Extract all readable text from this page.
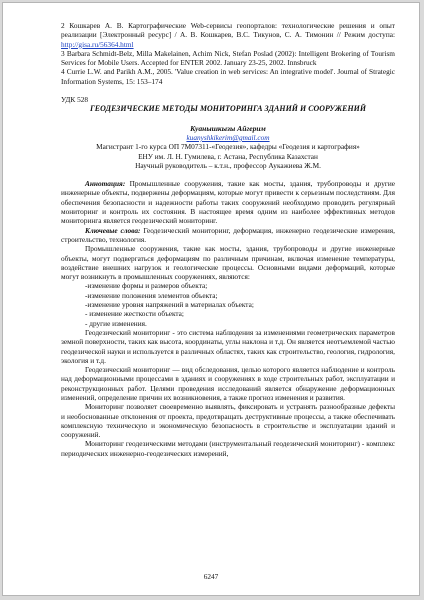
2 Кошкарев А. В. Картографические Web-сервисы геопорталов: технологические решения и опыт реализации [Электронный ресурс] / А. В. Кошкарев, В.С. Тикунов, С. А. Тимонин // Режим доступа: http://gisa.ru/56364.html

3 Barbara Schmidt-Belz, Milla Makelainen, Achim Nick, Stefan Poslad (2002): Intelligent Brokering of Tourism Services for Mobile Users. Accepted for ENTER 2002. January 23-25, 2002. Innsbruck

4 Currie L.W. and Parikh A.M., 2005. 'Value creation in web services: An integrative model'. Journal of Strategic Information Systems, 15: 153–174

УДК 528
ГЕОДЕЗИЧЕСКИЕ МЕТОДЫ МОНИТОРИНГА ЗДАНИЙ И СООРУЖЕНИЙ
Куанышкызы Айгерим
kuanyshkikerim@gmail.com

Магистрант 1-го курса ОП 7М07311-«Геодезия», кафедры «Геодезия и картография»

ЕНУ им. Л. Н. Гумилева, г. Астана, Республика Казахстан

Научный руководитель – к.т.н., профессор Аукажиева Ж.М.

Аннотация: Промышленные сооружения, такие как мосты, здания, трубопроводы и другие инженерные объекты, подвержены деформациям, которые могут привести к серьезным последствиям. Для обеспечения безопасности и надежности работы таких сооружений необходимо проводить регулярный мониторинг и контроль их состояния. В настоящее время одним из наиболее эффективных методов мониторинга является геодезический мониторинг.

Ключевые слова: Геодезический мониторинг, деформация, инженерно геодезические измерения, строительство, технология.

Промышленные сооружения, такие как мосты, здания, трубопроводы и другие инженерные объекты, могут подвергаться деформациям по различным причинам, включая изменение температуры, воздействие внешних нагрузок и геологические процессы. Основными видами деформаций, которые могут возникнуть в промышленных сооружениях, являются:

-изменение формы и размеров объекта;

-изменение положения элементов объекта;

-изменение уровня напряжений в материалах объекта;

- изменение жесткости объекта;

- другие изменения.

Геодезический мониторинг - это система наблюдения за изменениями геометрических параметров земной поверхности, таких как высота, координаты, углы наклона и т.д. Он является неотъемлемой частью геодезической науки и используется в различных областях, таких как строительство, геология, гидрология, экология и т.д.

Геодезический мониторинг — вид обследования, целью которого является наблюдение и контроль над деформационными процессами в зданиях и сооружениях в ходе строительных работ, эксплуатации и реконструкционных работ. Целями проведения исследований является обнаружение деформационных изменений, определение причин их возникновения, а также прогноз изменения и развития.

Мониторинг позволяет своевременно выявлять, фиксировать и устранять разнообразные дефекты и необоснованные отклонения от проекта, предотвращать деструктивные процессы, а также обеспечивать комплексную техническую и экономическую безопасность в строительстве и эксплуатации зданий и сооружений.

Мониторинг геодезическими методами (инструментальный геодезический мониторинг) - комплекс периодических инженерно-геодезических измерений,

6247
